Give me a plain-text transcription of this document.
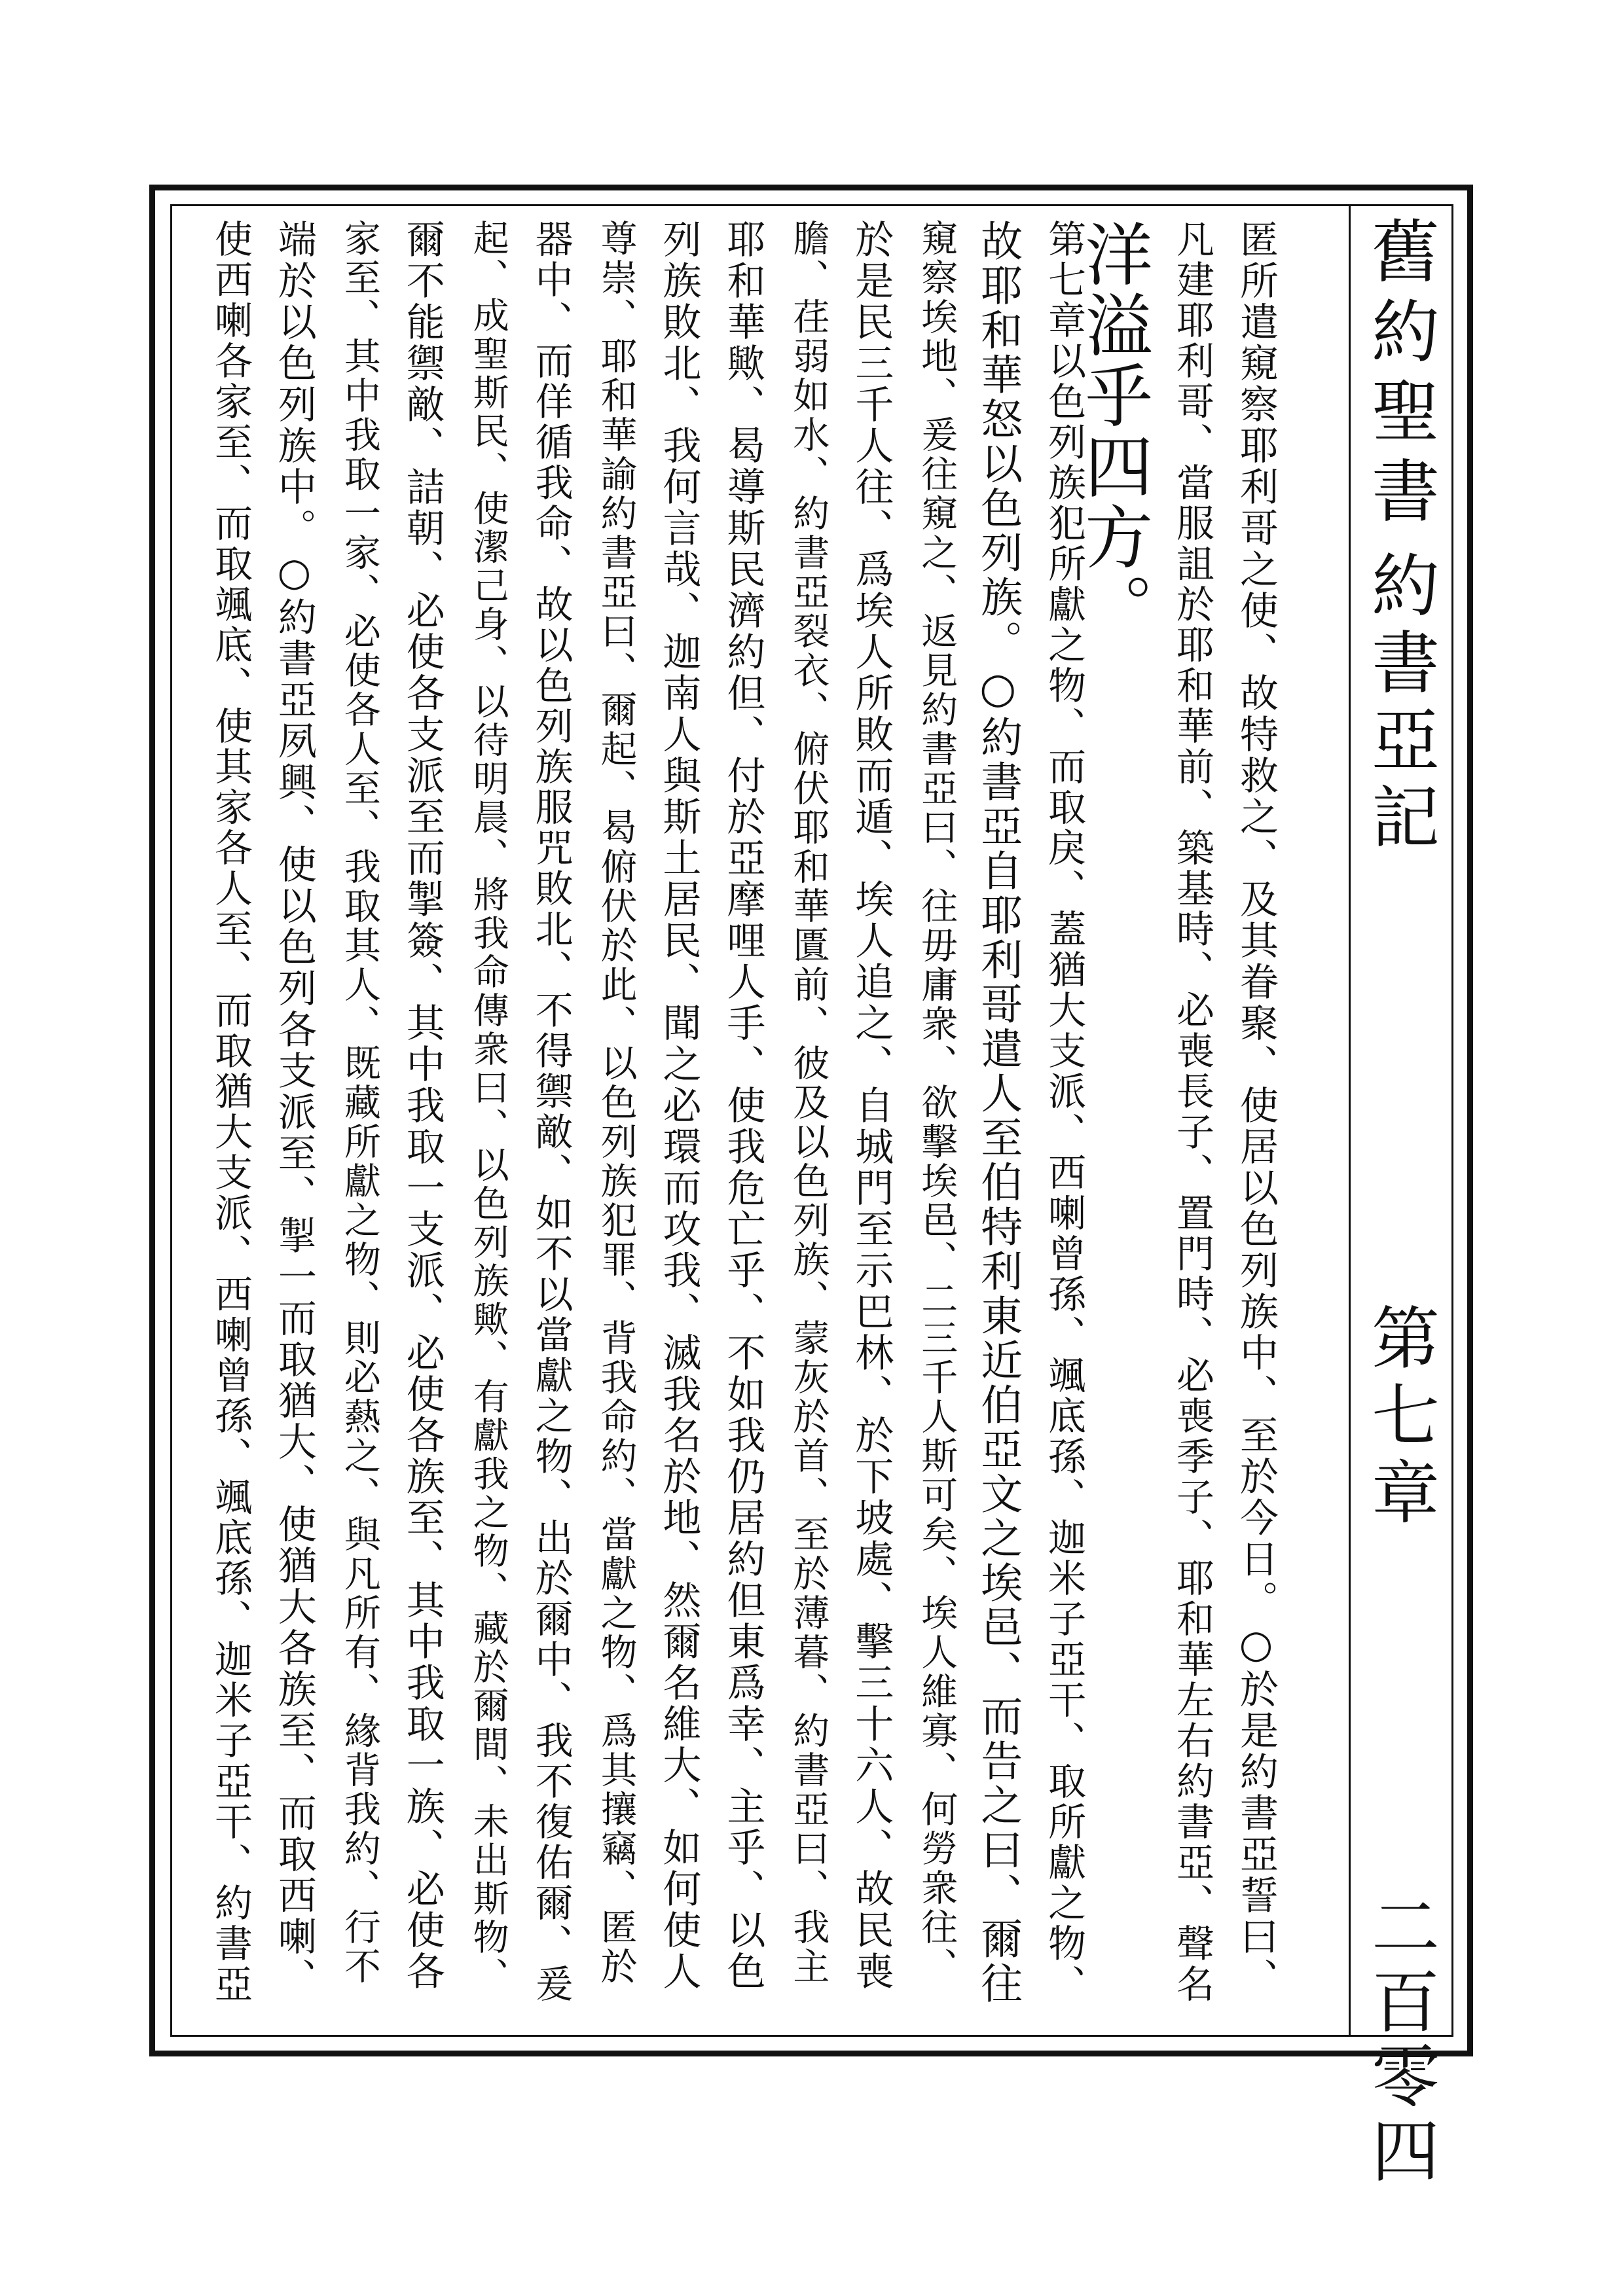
舊約聖書
約書亞記
第七章
二百零四
匿所遣窺察耶利哥之使、故特救之、及其眷聚、使居以色列族中、至於今日。○於是約書亞誓曰、
凡建耶利哥、當服詛於耶和華前、築基時、必喪長子、置門時、必喪季子、耶和華左右約書亞、聲名
洋溢乎四方。
第七章以色列族犯所獻之物、而取戾、蓋猶大支派、西喇曾孫、颯底孫、迦米子亞干、取所獻之物、
故耶和華怒以色列族。○約書亞自耶利哥遣人至伯特利東近伯亞文之埃邑、而告之曰、爾往
窺察埃地、爰往窺之、返見約書亞曰、往毋庸衆、欲擊埃邑、二三千人斯可矣、埃人維寡、何勞衆往、
於是民三千人往、爲埃人所敗而遁、埃人追之、自城門至示巴林、於下坡處、擊三十六人、故民喪
膽、荏弱如水、約書亞裂衣、俯伏耶和華匱前、彼及以色列族、蒙灰於首、至於薄暮、約書亞曰、我主
耶和華歟、曷導斯民濟約但、付於亞摩哩人手、使我危亡乎、不如我仍居約但東爲幸、主乎、以色
列族敗北、我何言哉、迦南人與斯土居民、聞之必環而攻我、滅我名於地、然爾名維大、如何使人
尊崇、耶和華諭約書亞曰、爾起、曷俯伏於此、以色列族犯罪、背我命約、當獻之物、爲其攘竊、匿於
器中、而佯循我命、故以色列族服咒敗北、不得禦敵、如不以當獻之物、出於爾中、我不復佑爾、爰
起、成聖斯民、使潔己身、以待明晨、將我命傳衆曰、以色列族歟、有獻我之物、藏於爾間、未出斯物、
爾不能禦敵、詰朝、必使各支派至而掣簽、其中我取一支派、必使各族至、其中我取一族、必使各
家至、其中我取一家、必使各人至、我取其人、既藏所獻之物、則必爇之、與凡所有、緣背我約、行不
端於以色列族中。○約書亞夙興、使以色列各支派至、掣一而取猶大、使猶大各族至、而取西喇、
使西喇各家至、而取颯底、使其家各人至、而取猶大支派、西喇曾孫、颯底孫、迦米子亞干、約書亞
